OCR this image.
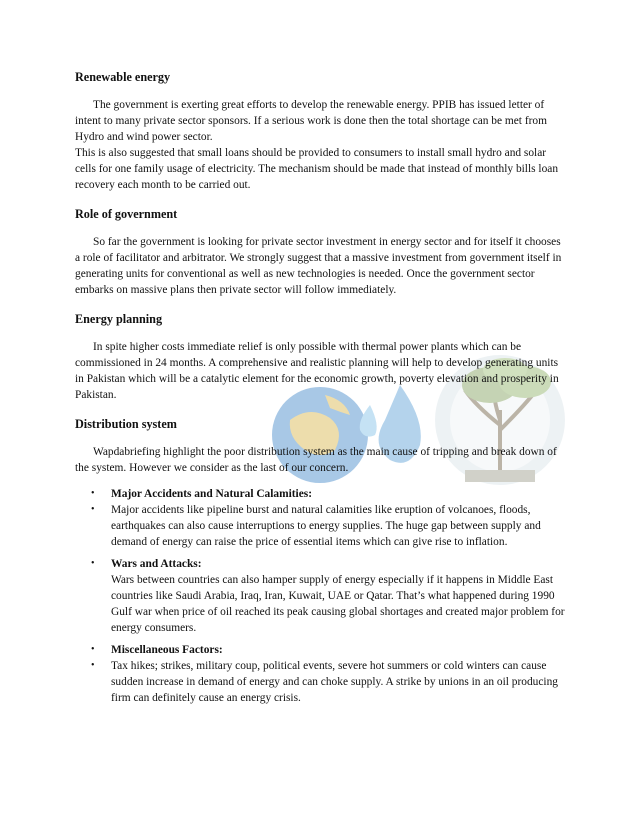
Renewable energy

The government is exerting great efforts to develop the renewable energy. PPIB has issued letter of intent to many private sector sponsors. If a serious work is done then the total shortage can be met from Hydro and wind power sector.

This is also suggested that small loans should be provided to consumers to install small hydro and solar cells for one family usage of electricity. The mechanism should be made that instead of monthly bills loan recovery each month to be carried out.

Role of government

So far the government is looking for private sector investment in energy sector and for itself it chooses a role of facilitator and arbitrator. We strongly suggest that a massive investment from government itself in generating units for conventional as well as new technologies is needed. Once the government sector embarks on massive plans then private sector will follow immediately.

Energy planning

In spite higher costs immediate relief is only possible with thermal power plants which can be commissioned in 24 months. A comprehensive and realistic planning will help to develop generating units in Pakistan which will be a catalytic element for the economic growth, poverty elevation and prosperity in Pakistan.

Distribution system

Wapdabriefing highlight the poor distribution system as the main cause of tripping and break down of the system. However we consider as the last of our concern.

• Major Accidents and Natural Calamities:
• Major accidents like pipeline burst and natural calamities like eruption of volcanoes, floods, earthquakes can also cause interruptions to energy supplies. The huge gap between supply and demand of energy can raise the price of essential items which can give rise to inflation.
• Wars and Attacks:
Wars between countries can also hamper supply of energy especially if it happens in Middle East countries like Saudi Arabia, Iraq, Iran, Kuwait, UAE or Qatar. That’s what happened during 1990 Gulf war when price of oil reached its peak causing global shortages and created major problem for energy consumers.
• Miscellaneous Factors:
• Tax hikes; strikes, military coup, political events, severe hot summers or cold winters can cause sudden increase in demand of energy and can choke supply. A strike by unions in an oil producing firm can definitely cause an energy crisis.
